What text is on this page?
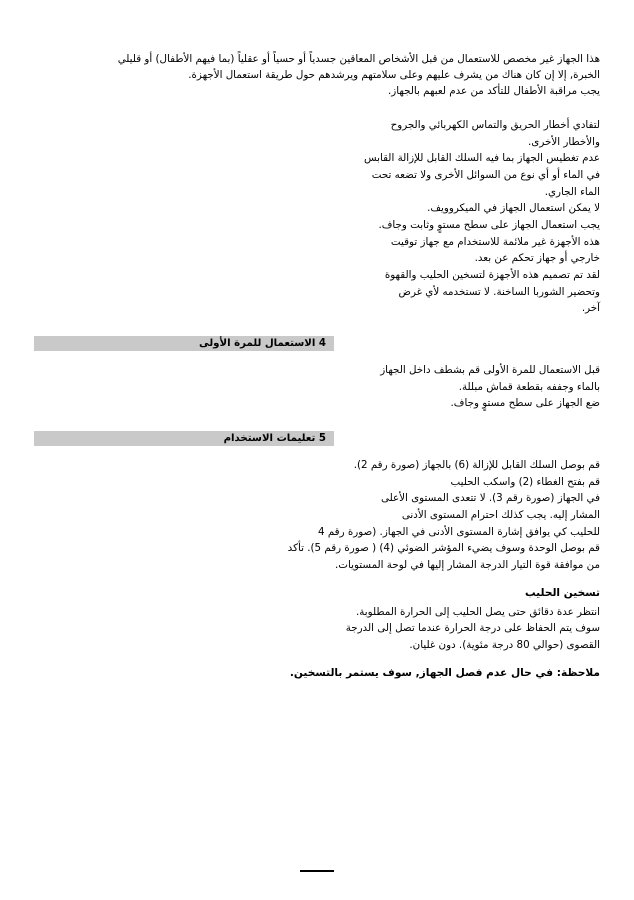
هذا الجهاز غير مخصص للاستعمال من قبل الأشخاص المعاقين جسدياً أو حسياً أو عقلياً (بما فيهم الأطفال) أو قليلي
الخبرة, إلا إن كان هناك من يشرف عليهم وعلى سلامتهم ويرشدهم حول طريقة استعمال الأجهزة.
يجب مراقبة الأطفال للتأكد من عدم لعبهم بالجهاز.
لتفادي أخطار الحريق والتماس الكهربائي والجروح
والأخطار الأخرى.
عدم تغطيس الجهاز بما فيه السلك القابل للإزالة القابس
في الماء أو أي نوع من السوائل الأخرى ولا تضعه تحت
الماء الجاري.
لا يمكن استعمال الجهاز في الميكروويف.
يجب استعمال الجهاز على سطح مستوٍ وثابت وجاف.
هذه الأجهزة غير ملائمة للاستخدام مع جهاز توقيت
خارجي أو جهاز تحكم عن بعد.
لقد تم تصميم هذه الأجهزة لتسخين الحليب والقهوة
وتحضير الشوربا الساخنة. لا تستخدمه لأي غرض
آخر.
4 الاستعمال للمرة الأولى
قبل الاستعمال للمرة الأولى قم بشطف داخل الجهاز
بالماء وجففه بقطعة قماش مبللة.
ضع الجهاز على سطح مستوٍ وجاف.
5 تعليمات الاستخدام
قم بوصل السلك القابل للإزالة (6) بالجهاز (صورة رقم 2).
قم بفتح الغطاء (2) واسكب الحليب
في الجهاز (صورة رقم 3). لا تتعدى المستوى الأعلى
المشار إليه. يجب كذلك احترام المستوى الأدنى
للحليب كي يوافق إشارة المستوى الأدنى في الجهاز. (صورة رقم 4
قم بوصل الوحدة وسوف يضيء المؤشر الضوئي (4) ( صورة رقم 5). تأكد
من موافقة قوة التيار الدرجة المشار إليها في لوحة المستويات.
تسخين الحليب
انتظر عدة دقائق حتى يصل الحليب إلى الحرارة المطلوبة.
سوف يتم الحفاظ على درجة الحرارة عندما تصل إلى الدرجة
القصوى (حوالي 80 درجة مئوية). دون غليان.
ملاحظة: في حال عدم فصل الجهاز, سوف يستمر بالتسخين.
